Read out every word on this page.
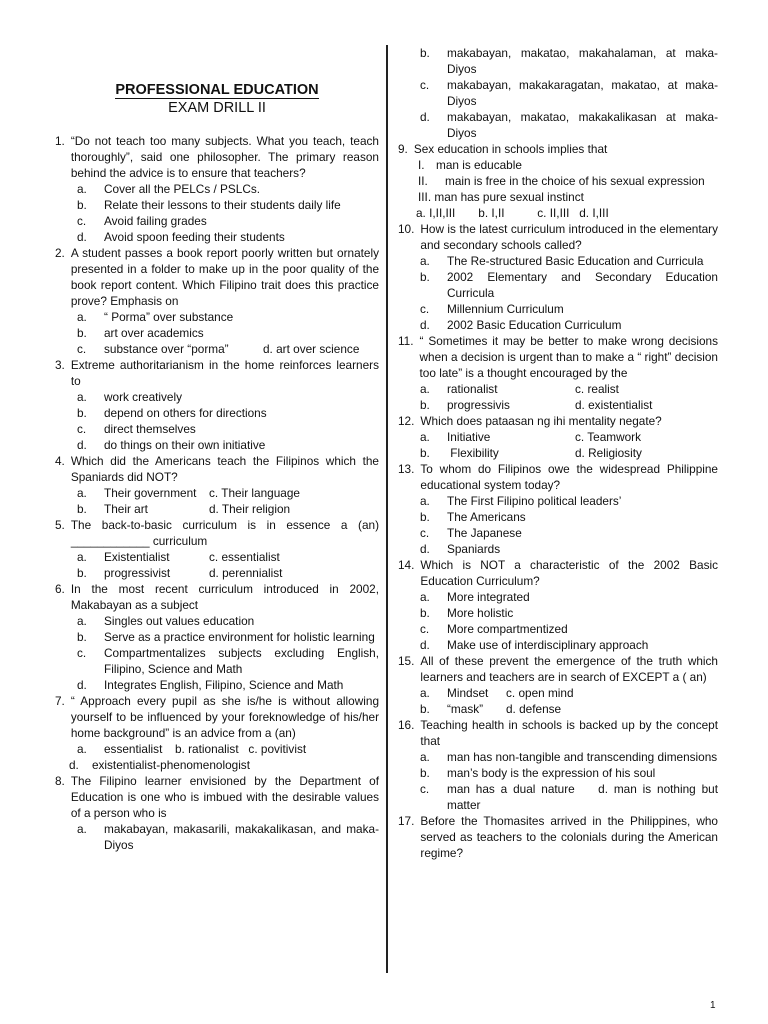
PROFESSIONAL EDUCATION
EXAM DRILL II
1. “Do not teach too many subjects. What you teach, teach thoroughly”, said one philosopher. The primary reason behind the advice is to ensure that teachers?
a.	Cover all the PELCs / PSLCs.
b.	Relate their lessons to their students daily life
c.	Avoid failing grades
d.	Avoid spoon feeding their students
2. A student passes a book report poorly written but ornately presented in a folder to make up in the poor quality of the book report content. Which Filipino trait does this practice prove? Emphasis on
a.	“ Porma” over substance
b.	art over academics
c.	substance over “porma”	d. art over science
3. Extreme authoritarianism in the home reinforces learners to
a.	work creatively
b.	depend on others for directions
c.	direct themselves
d.	do things on their own initiative
4. Which did the Americans teach the Filipinos which the Spaniards did NOT?
a.	Their government c. Their language
b.	Their art	d. Their religion
5. The back-to-basic curriculum is in essence a (an) ____________ curriculum
a.	Existentialist	c. essentialist
b.	progressivist	d. perennialist
6. In the most recent curriculum introduced in 2002, Makabayan as a subject
a.	Singles out values education
b.	Serve as a practice environment for holistic learning
c.	Compartmentalizes subjects excluding English, Filipino, Science and Math
d.	Integrates English, Filipino, Science and Math
7. “ Approach every pupil as she is/he is without allowing yourself to be influenced by your foreknowledge of his/her home background” is an advice from a (an)
a.	essentialist b. rationalist   c. povitivist
d.    existentialist-phenomenologist
8. The Filipino learner envisioned by the Department of Education is one who is imbued with the desirable values of a person who is
a.	makabayan, makasarili, makakalikasan, and maka-Diyos
b.	makabayan, makatao, makahalaman, at maka-Diyos
c.	makabayan, makakaragatan, makatao, at maka-Diyos
d.	makabayan, makatao, makakalikasan at maka-Diyos
9. Sex education in schools implies that
I. man is educable
II.	main is free in the choice of his sexual expression
III. man has pure sexual instinct
a. I,II,III       b. I,II          c. II,III   d. I,III
10. How is the latest curriculum introduced in the elementary and secondary schools called?
a.	The Re-structured Basic Education and Curricula
b.	2002 Elementary and Secondary Education Curricula
c.	Millennium Curriculum
d.	2002 Basic Education Curriculum
11. “ Sometimes it may be better to make wrong decisions when a decision is urgent than to make a “ right” decision too late” is a thought encouraged by the
a.	rationalist	c. realist
b.	progressivis	d. existentialist
12. Which does pataasan ng ihi mentality negate?
a.	Initiative	c. Teamwork
b.	Flexibility	d. Religiosity
13. To whom do Filipinos owe the widespread Philippine educational system today?
a.	The First Filipino political leaders’
b.	The Americans
c.	The Japanese
d.	Spaniards
14. Which is NOT a characteristic of the 2002 Basic Education Curriculum?
a.	More integrated
b.	More holistic
c.	More compartmentized
d.	Make use of interdisciplinary approach
15. All of these prevent the emergence of the truth which learners and teachers are in search of EXCEPT a ( an)
a.	Mindset c. open mind
b.	“mask” d. defense
16. Teaching health in schools is backed up by the concept that
a.	man has non-tangible and transcending dimensions
b.	man’s body is the expression of his soul
c.	man has a dual nature    d. man is nothing but matter
17. Before the Thomasites arrived in the Philippines, who served as teachers to the colonials during the American regime?
1
